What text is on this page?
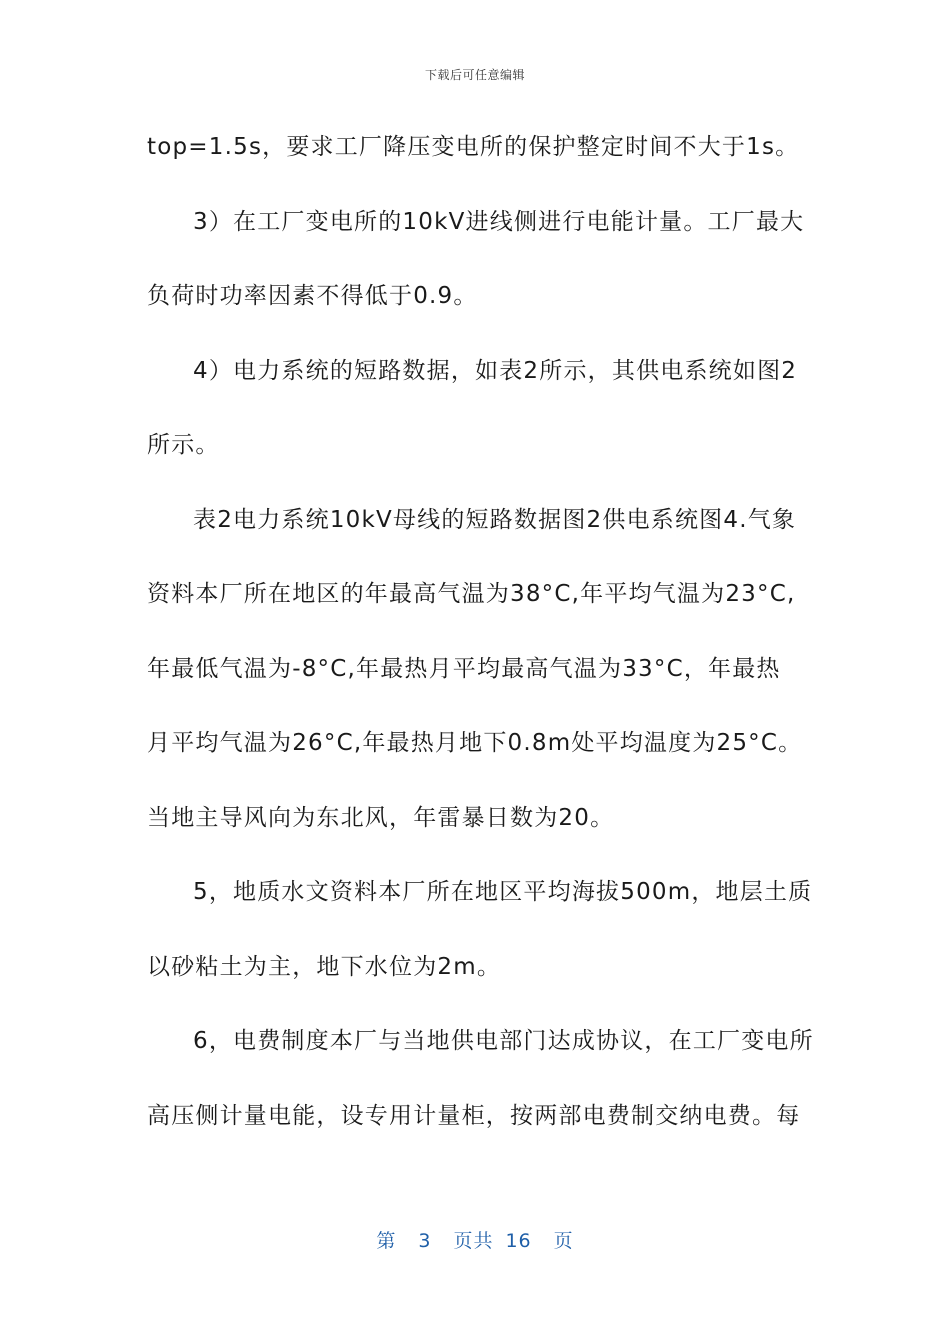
下载后可任意编辑
top=1.5s，要求工厂降压变电所的保护整定时间不大于1s。
3）在工厂变电所的10kV进线侧进行电能计量。工厂最大
负荷时功率因素不得低于0.9。
4）电力系统的短路数据，如表2所示，其供电系统如图2
所示。
表2电力系统10kV母线的短路数据图2供电系统图4.气象
资料本厂所在地区的年最高气温为38°C,年平均气温为23°C,
年最低气温为-8°C,年最热月平均最高气温为33°C，年最热
月平均气温为26°C,年最热月地下0.8m处平均温度为25°C。
当地主导风向为东北风，年雷暴日数为20。
5，地质水文资料本厂所在地区平均海拔500m，地层土质
以砂粘土为主，地下水位为2m。
6，电费制度本厂与当地供电部门达成协议，在工厂变电所
高压侧计量电能，设专用计量柜，按两部电费制交纳电费。每
第 3 页共 16 页
